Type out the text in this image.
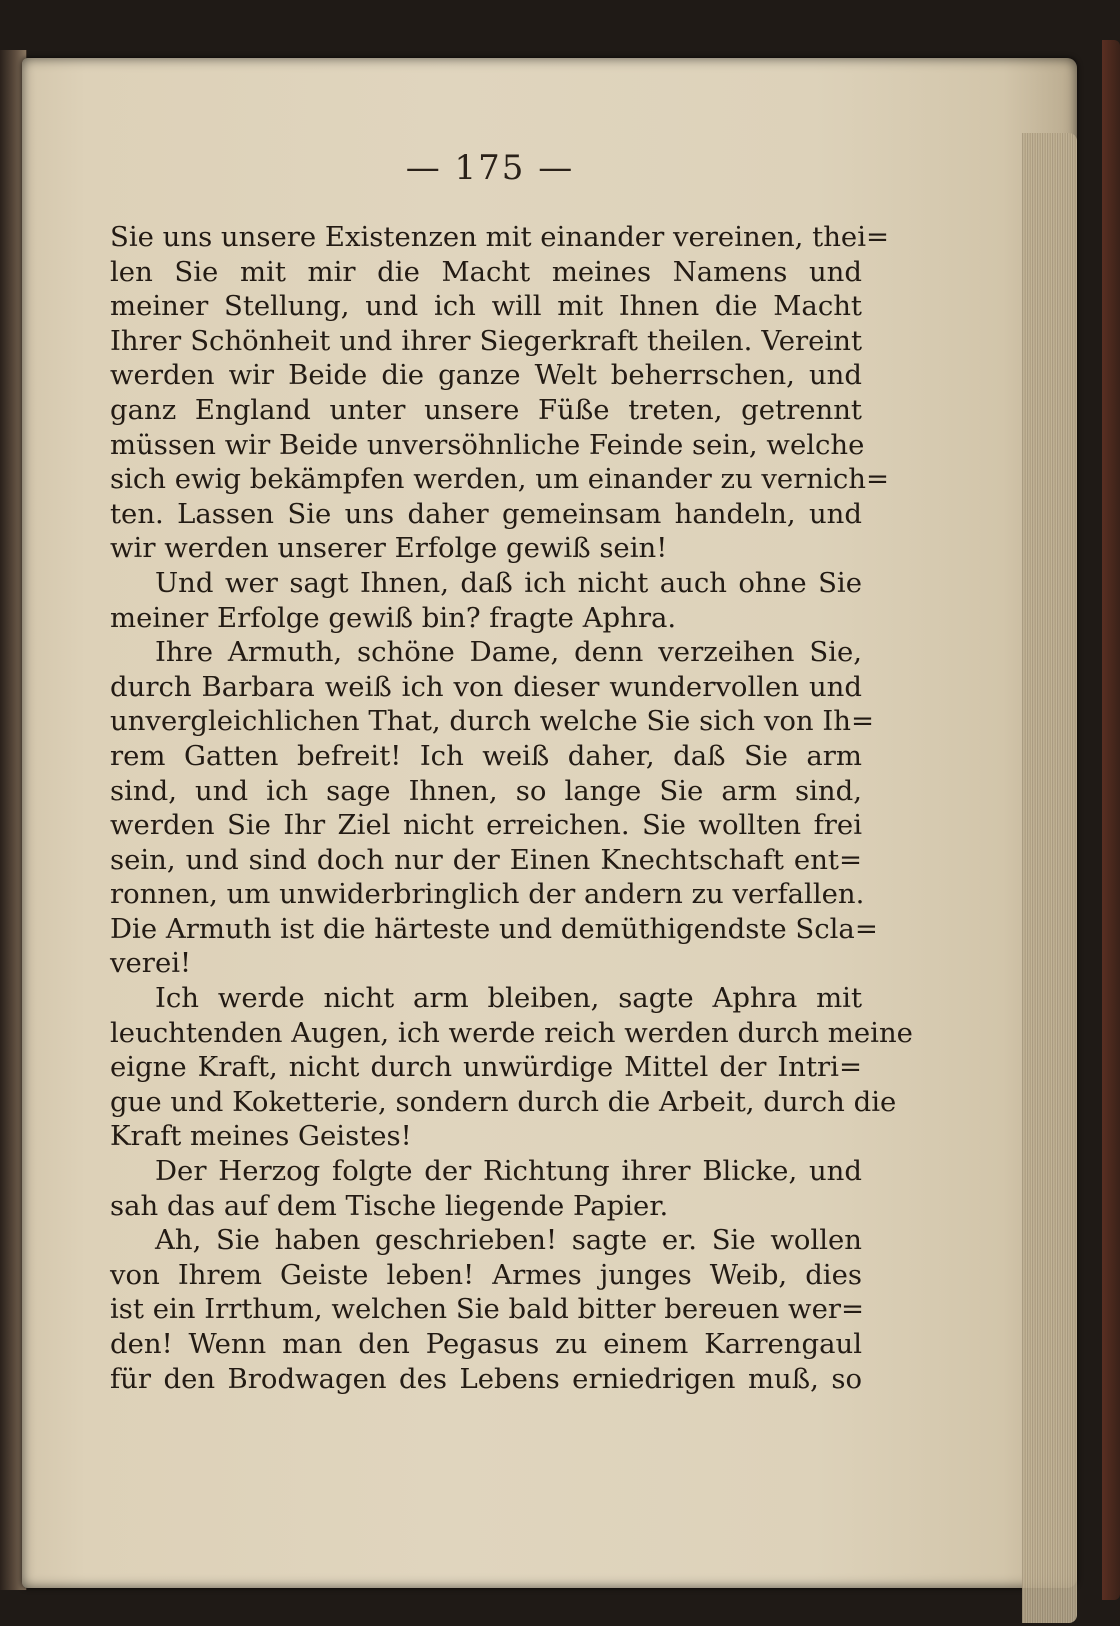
— 175 —
Sie uns unsere Existenzen mit einander vereinen, thei=
len Sie mit mir die Macht meines Namens und
meiner Stellung, und ich will mit Ihnen die Macht
Ihrer Schönheit und ihrer Siegerkraft theilen. Vereint
werden wir Beide die ganze Welt beherrschen, und
ganz England unter unsere Füße treten, getrennt
müssen wir Beide unversöhnliche Feinde sein, welche
sich ewig bekämpfen werden, um einander zu vernich=
ten. Lassen Sie uns daher gemeinsam handeln, und
wir werden unserer Erfolge gewiß sein!
Und wer sagt Ihnen, daß ich nicht auch ohne Sie
meiner Erfolge gewiß bin? fragte Aphra.
Ihre Armuth, schöne Dame, denn verzeihen Sie,
durch Barbara weiß ich von dieser wundervollen und
unvergleichlichen That, durch welche Sie sich von Ih=
rem Gatten befreit! Ich weiß daher, daß Sie arm
sind, und ich sage Ihnen, so lange Sie arm sind,
werden Sie Ihr Ziel nicht erreichen. Sie wollten frei
sein, und sind doch nur der Einen Knechtschaft ent=
ronnen, um unwiderbringlich der andern zu verfallen.
Die Armuth ist die härteste und demüthigendste Scla=
verei!
Ich werde nicht arm bleiben, sagte Aphra mit
leuchtenden Augen, ich werde reich werden durch meine
eigne Kraft, nicht durch unwürdige Mittel der Intri=
gue und Koketterie, sondern durch die Arbeit, durch die
Kraft meines Geistes!
Der Herzog folgte der Richtung ihrer Blicke, und
sah das auf dem Tische liegende Papier.
Ah, Sie haben geschrieben! sagte er. Sie wollen
von Ihrem Geiste leben! Armes junges Weib, dies
ist ein Irrthum, welchen Sie bald bitter bereuen wer=
den! Wenn man den Pegasus zu einem Karrengaul
für den Brodwagen des Lebens erniedrigen muß, so
